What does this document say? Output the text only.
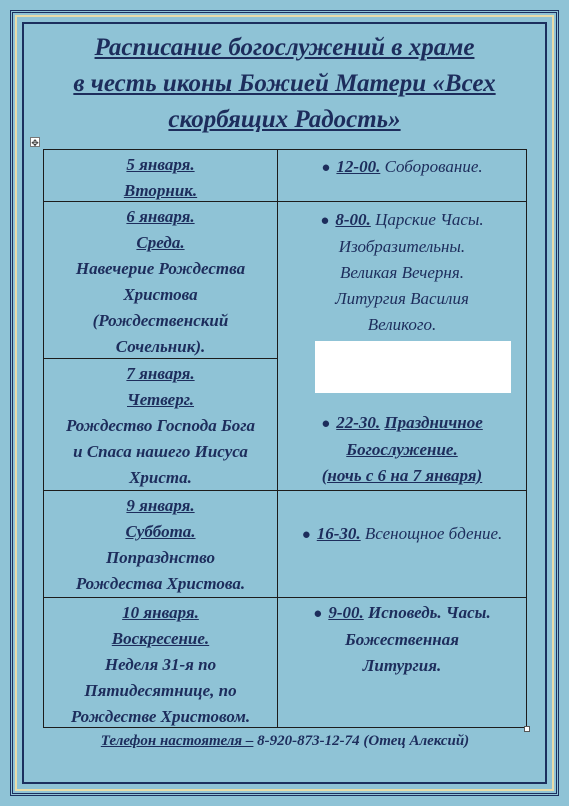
Расписание богослужений в храме
в честь иконы Божией Матери «Всех
скорбящих Радость»
✥
5 января.
Вторник.
● 12-00. Соборование.
6 января.
Среда.
Навечерие Рождества
Христова
(Рождественский
Сочельник).
7 января.
Четверг.
Рождество Господа Бога
и Спаса нашего Иисуса
Христа.
● 8-00. Царские Часы.
Изобразительны.
Великая Вечерня.
Литургия Василия
Великого.
● 22-30. Праздничное
Богослужение.
(ночь с 6 на 7 января)
9 января.
Суббота.
Попразднство
Рождества Христова.
● 16-30. Всенощное бдение.
10 января.
Воскресение.
Неделя 31-я по
Пятидесятнице, по
Рождестве Христовом.
● 9-00. Исповедь. Часы.
Божественная
Литургия.
Телефон настоятеля – 8-920-873-12-74 (Отец Алексий)
